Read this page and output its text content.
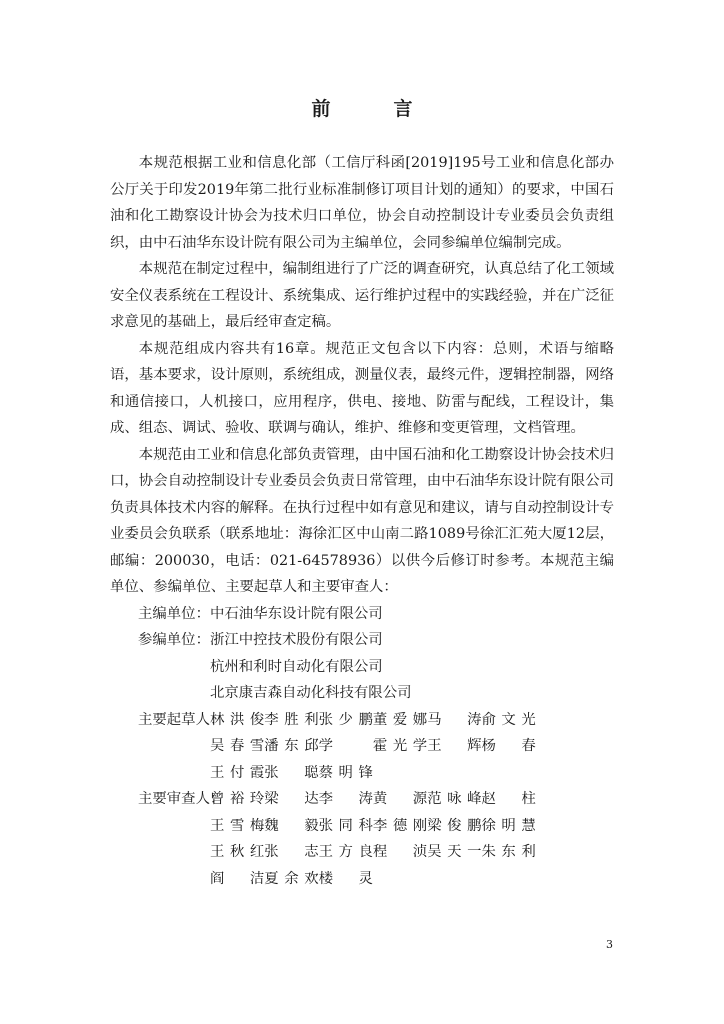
前　言

本规范根据工业和信息化部（工信厅科函[2019]195号工业和信息化部办公厅关于印发2019年第二批行业标准制修订项目计划的通知）的要求，中国石油和化工勘察设计协会为技术归口单位，协会自动控制设计专业委员会负责组织，由中石油华东设计院有限公司为主编单位，会同参编单位编制完成。

本规范在制定过程中，编制组进行了广泛的调查研究，认真总结了化工领域安全仪表系统在工程设计、系统集成、运行维护过程中的实践经验，并在广泛征求意见的基础上，最后经审查定稿。

本规范组成内容共有16章。规范正文包含以下内容：总则，术语与缩略语，基本要求，设计原则，系统组成，测量仪表，最终元件，逻辑控制器，网络和通信接口，人机接口，应用程序，供电、接地、防雷与配线，工程设计，集成、组态、调试、验收、联调与确认，维护、维修和变更管理，文档管理。

本规范由工业和信息化部负责管理，由中国石油和化工勘察设计协会技术归口，协会自动控制设计专业委员会负责日常管理，由中石油华东设计院有限公司负责具体技术内容的解释。在执行过程中如有意见和建议，请与自动控制设计专业委员会负联系（联系地址：海徐汇区中山南二路1089号徐汇汇苑大厦12层，邮编：200030，电话：021-64578936）以供今后修订时参考。本规范主编单位、参编单位、主要起草人和主要审查人：

主编单位： 中石油华东设计院有限公司
参编单位： 浙江中控技术股份有限公司
杭州和利时自动化有限公司
北京康吉森自动化科技有限公司
主要起草人：
林洪俊 李胜利 张少鹏 董爱娜 马　涛 俞文光
吴春雪 潘东邱 学	霍光学 王　辉 杨　春
王付霞 张　聪 蔡明锋
主要审查人：
曾裕玲 梁　达 李　涛 黄　源 范咏峰 赵　柱
王雪梅 魏　毅 张同科 李德刚 梁俊鹏 徐明慧
王秋红 张　志 王方良 程　浈 吴天一 朱东利
阎　洁 夏余欢 楼　灵
3
